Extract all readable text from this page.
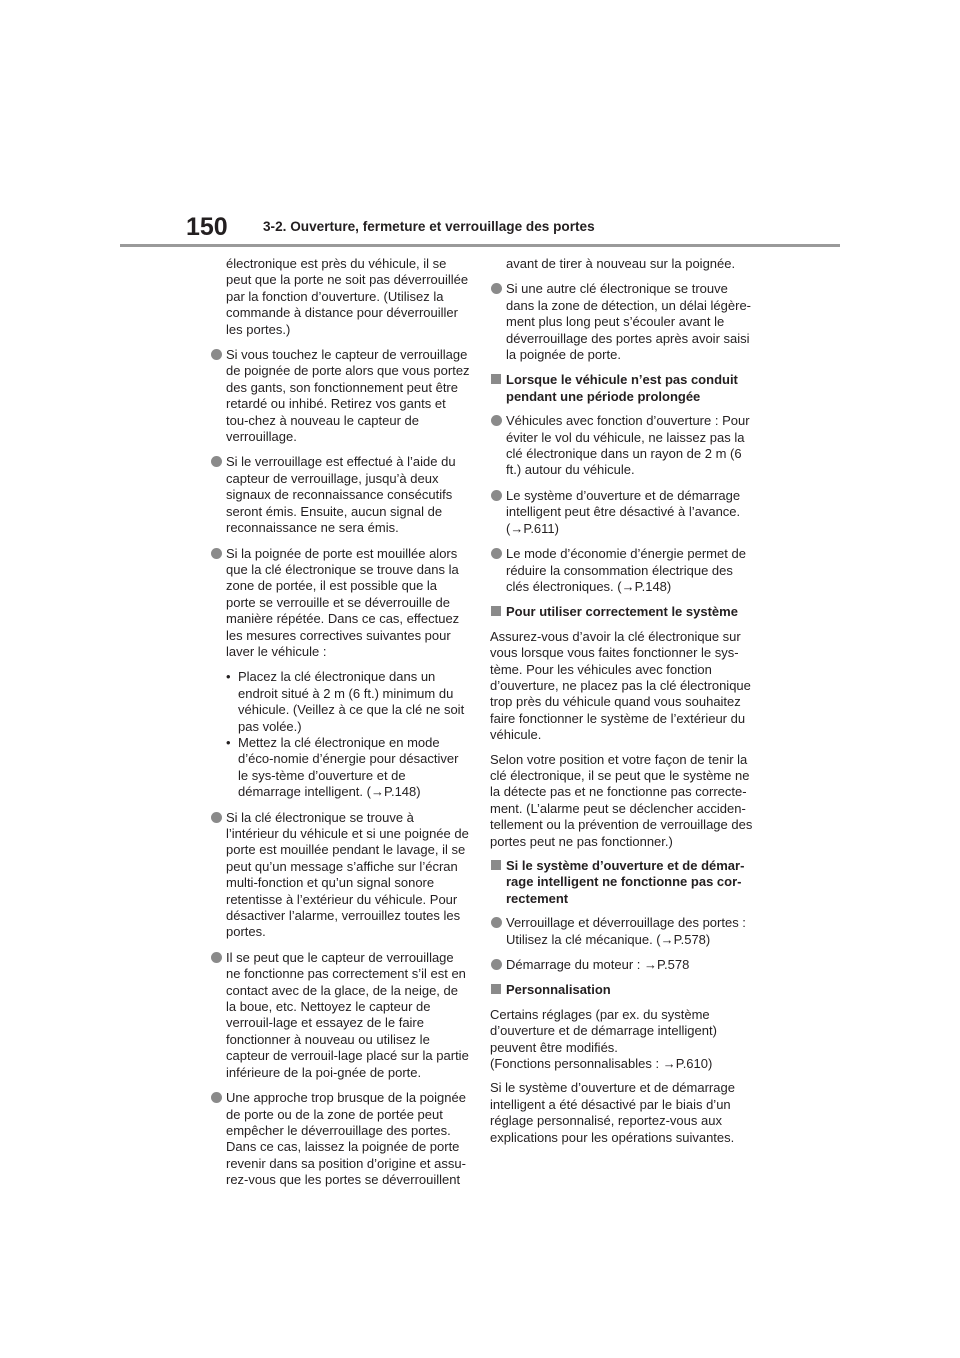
150	3-2. Ouverture, fermeture et verrouillage des portes

électronique est près du véhicule, il se peut que la porte ne soit pas déverrouillée par la fonction d’ouverture. (Utilisez la commande à distance pour déverrouiller les portes.)

Si vous touchez le capteur de verrouillage de poignée de porte alors que vous portez des gants, son fonctionnement peut être retardé ou inhibé. Retirez vos gants et tou-chez à nouveau le capteur de verrouillage.

Si le verrouillage est effectué à l’aide du capteur de verrouillage, jusqu’à deux signaux de reconnaissance consécutifs seront émis. Ensuite, aucun signal de reconnaissance ne sera émis.

Si la poignée de porte est mouillée alors que la clé électronique se trouve dans la zone de portée, il est possible que la porte se verrouille et se déverrouille de manière répétée. Dans ce cas, effectuez les mesures correctives suivantes pour laver le véhicule :

• Placez la clé électronique dans un endroit situé à 2 m (6 ft.) minimum du véhicule. (Veillez à ce que la clé ne soit pas volée.)

• Mettez la clé électronique en mode d’éco-nomie d’énergie pour désactiver le sys-tème d’ouverture et de démarrage intelligent. (→P.148)

Si la clé électronique se trouve à l’intérieur du véhicule et si une poignée de porte est mouillée pendant le lavage, il se peut qu’un message s’affiche sur l’écran multi-fonction et qu’un signal sonore retentisse à l’extérieur du véhicule. Pour désactiver l’alarme, verrouillez toutes les portes.

Il se peut que le capteur de verrouillage ne fonctionne pas correctement s’il est en contact avec de la glace, de la neige, de la boue, etc. Nettoyez le capteur de verrouil-lage et essayez de le faire fonctionner à nouveau ou utilisez le capteur de verrouil-lage placé sur la partie inférieure de la poi-gnée de porte.

Une approche trop brusque de la poignée de porte ou de la zone de portée peut empêcher le déverrouillage des portes. Dans ce cas, laissez la poignée de porte revenir dans sa position d’origine et assu-rez-vous que les portes se déverrouillent

avant de tirer à nouveau sur la poignée.

Si une autre clé électronique se trouve dans la zone de détection, un délai légère-ment plus long peut s’écouler avant le déverrouillage des portes après avoir saisi la poignée de porte.

Lorsque le véhicule n’est pas conduit pendant une période prolongée

Véhicules avec fonction d’ouverture : Pour éviter le vol du véhicule, ne laissez pas la clé électronique dans un rayon de 2 m (6 ft.) autour du véhicule.

Le système d’ouverture et de démarrage intelligent peut être désactivé à l’avance. (→P.611)

Le mode d’économie d’énergie permet de réduire la consommation électrique des clés électroniques. (→P.148)

Pour utiliser correctement le système

Assurez-vous d’avoir la clé électronique sur vous lorsque vous faites fonctionner le sys-tème. Pour les véhicules avec fonction d’ouverture, ne placez pas la clé électronique trop près du véhicule quand vous souhaitez faire fonctionner le système de l’extérieur du véhicule.

Selon votre position et votre façon de tenir la clé électronique, il se peut que le système ne la détecte pas et ne fonctionne pas correcte-ment. (L’alarme peut se déclencher acciden-tellement ou la prévention de verrouillage des portes peut ne pas fonctionner.)

Si le système d’ouverture et de démar-rage intelligent ne fonctionne pas cor-rectement

Verrouillage et déverrouillage des portes : Utilisez la clé mécanique. (→P.578)

Démarrage du moteur : →P.578

Personnalisation

Certains réglages (par ex. du système d’ouverture et de démarrage intelligent) peuvent être modifiés.

(Fonctions personnalisables : →P.610)

Si le système d’ouverture et de démarrage intelligent a été désactivé par le biais d’un réglage personnalisé, reportez-vous aux explications pour les opérations suivantes.
